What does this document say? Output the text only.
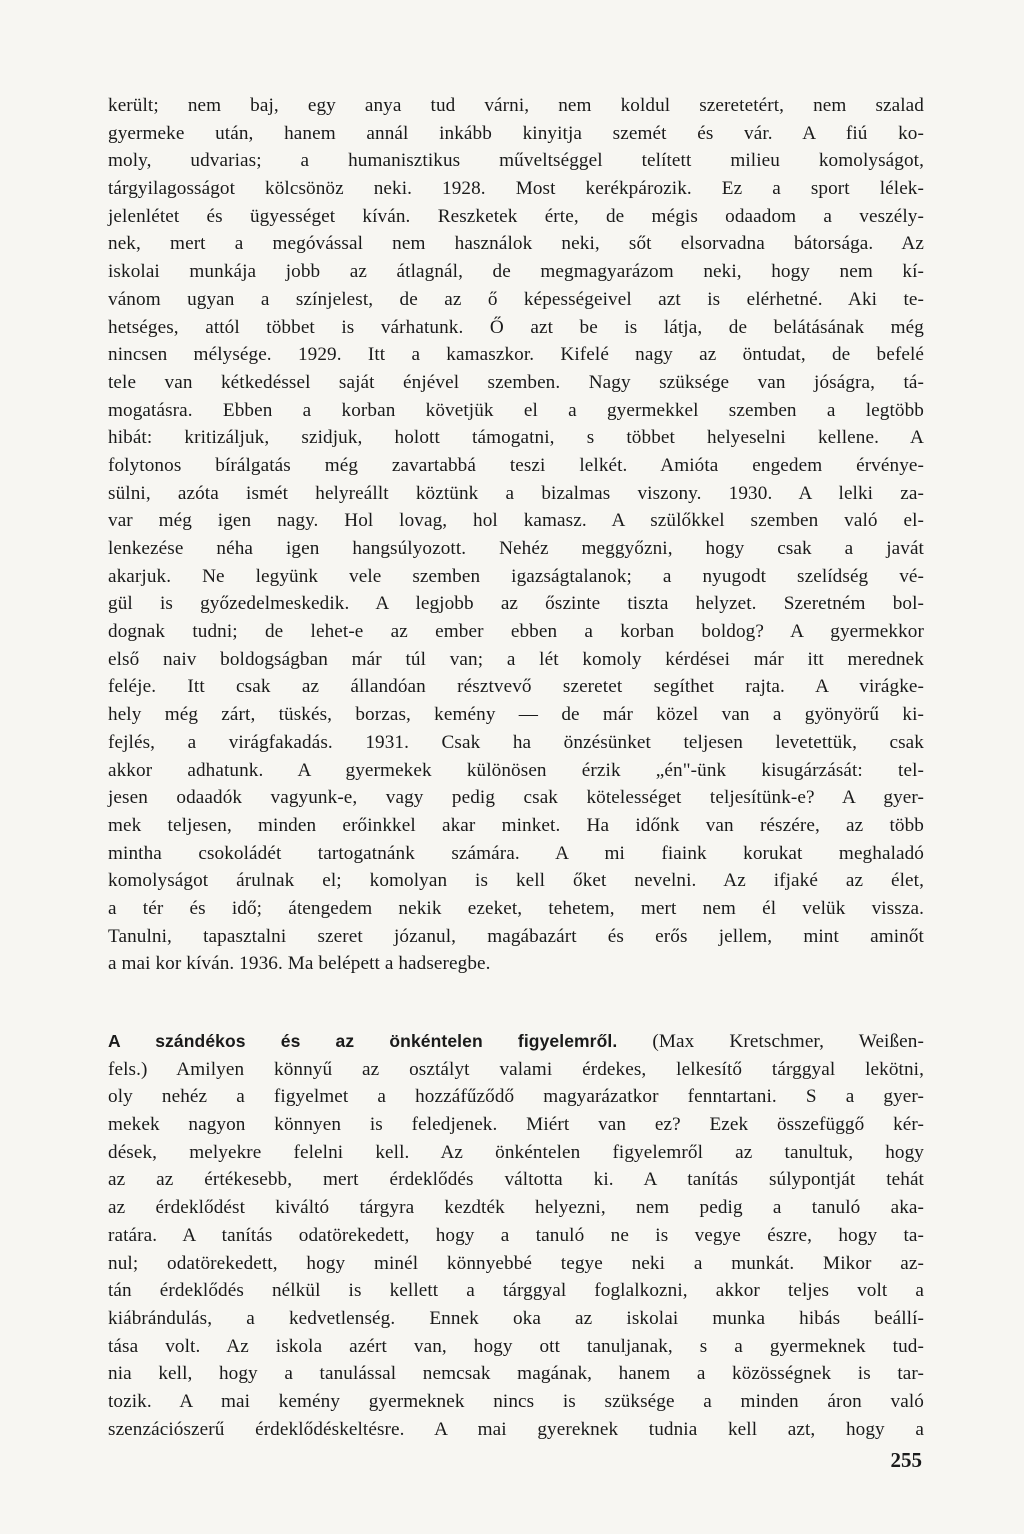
került; nem baj, egy anya tud várni, nem koldul szeretetért, nem szalad
gyermeke után, hanem annál inkább kinyitja szemét és vár. A fiú ko-
moly, udvarias; a humanisztikus műveltséggel telített milieu komolyságot,
tárgyilagosságot kölcsönöz neki. 1928. Most kerékpározik. Ez a sport lélek-
jelenlétet és ügyességet kíván. Reszketek érte, de mégis odaadom a veszély-
nek, mert a megóvással nem használok neki, sőt elsorvadna bátorsága. Az
iskolai munkája jobb az átlagnál, de megmagyarázom neki, hogy nem kí-
vánom ugyan a színjelest, de az ő képességeivel azt is elérhetné. Aki te-
hetséges, attól többet is várhatunk. Ő azt be is látja, de belátásának még
nincsen mélysége. 1929. Itt a kamaszkor. Kifelé nagy az öntudat, de befelé
tele van kétkedéssel saját énjével szemben. Nagy szüksége van jóságra, tá-
mogatásra. Ebben a korban követjük el a gyermekkel szemben a legtöbb
hibát: kritizáljuk, szidjuk, holott támogatni, s többet helyeselni kellene. A
folytonos bírálgatás még zavartabbá teszi lelkét. Amióta engedem érvénye-
sülni, azóta ismét helyreállt köztünk a bizalmas viszony. 1930. A lelki za-
var még igen nagy. Hol lovag, hol kamasz. A szülőkkel szemben való el-
lenkezése néha igen hangsúlyozott. Nehéz meggyőzni, hogy csak a javát
akarjuk. Ne legyünk vele szemben igazságtalanok; a nyugodt szelídség vé-
gül is győzedelmeskedik. A legjobb az őszinte tiszta helyzet. Szeretném bol-
dognak tudni; de lehet-e az ember ebben a korban boldog? A gyermekkor
első naiv boldogságban már túl van; a lét komoly kérdései már itt merednek
feléje. Itt csak az állandóan résztvevő szeretet segíthet rajta. A virágke-
hely még zárt, tüskés, borzas, kemény — de már közel van a gyönyörű ki-
fejlés, a virágfakadás. 1931. Csak ha önzésünket teljesen levetettük, csak
akkor adhatunk. A gyermekek különösen érzik „én"-ünk kisugárzását: tel-
jesen odaadók vagyunk-e, vagy pedig csak kötelességet teljesítünk-e? A gyer-
mek teljesen, minden erőinkkel akar minket. Ha időnk van részére, az több
mintha csokoládét tartogatnánk számára. A mi fiaink korukat meghaladó
komolyságot árulnak el; komolyan is kell őket nevelni. Az ifjaké az élet,
a tér és idő; átengedem nekik ezeket, tehetem, mert nem él velük vissza.
Tanulni, tapasztalni szeret józanul, magábazárt és erős jellem, mint aminőt
a mai kor kíván. 1936. Ma belépett a hadseregbe.
A szándékos és az önkéntelen figyelemről. (Max Kretschmer, Weißen-
fels.) Amilyen könnyű az osztályt valami érdekes, lelkesítő tárggyal lekötni,
oly nehéz a figyelmet a hozzáfűződő magyarázatkor fenntartani. S a gyer-
mekek nagyon könnyen is feledjenek. Miért van ez? Ezek összefüggő kér-
dések, melyekre felelni kell. Az önkéntelen figyelemről az tanultuk, hogy
az az értékesebb, mert érdeklődés váltotta ki. A tanítás súlypontját tehát
az érdeklődést kiváltó tárgyra kezdték helyezni, nem pedig a tanuló aka-
ratára. A tanítás odatörekedett, hogy a tanuló ne is vegye észre, hogy ta-
nul; odatörekedett, hogy minél könnyebbé tegye neki a munkát. Mikor az-
tán érdeklődés nélkül is kellett a tárggyal foglalkozni, akkor teljes volt a
kiábrándulás, a kedvetlenség. Ennek oka az iskolai munka hibás beállí-
tása volt. Az iskola azért van, hogy ott tanuljanak, s a gyermeknek tud-
nia kell, hogy a tanulással nemcsak magának, hanem a közösségnek is tar-
tozik. A mai kemény gyermeknek nincs is szüksége a minden áron való
szenzációszerű érdeklődéskeltésre. A mai gyereknek tudnia kell azt, hogy a
255
